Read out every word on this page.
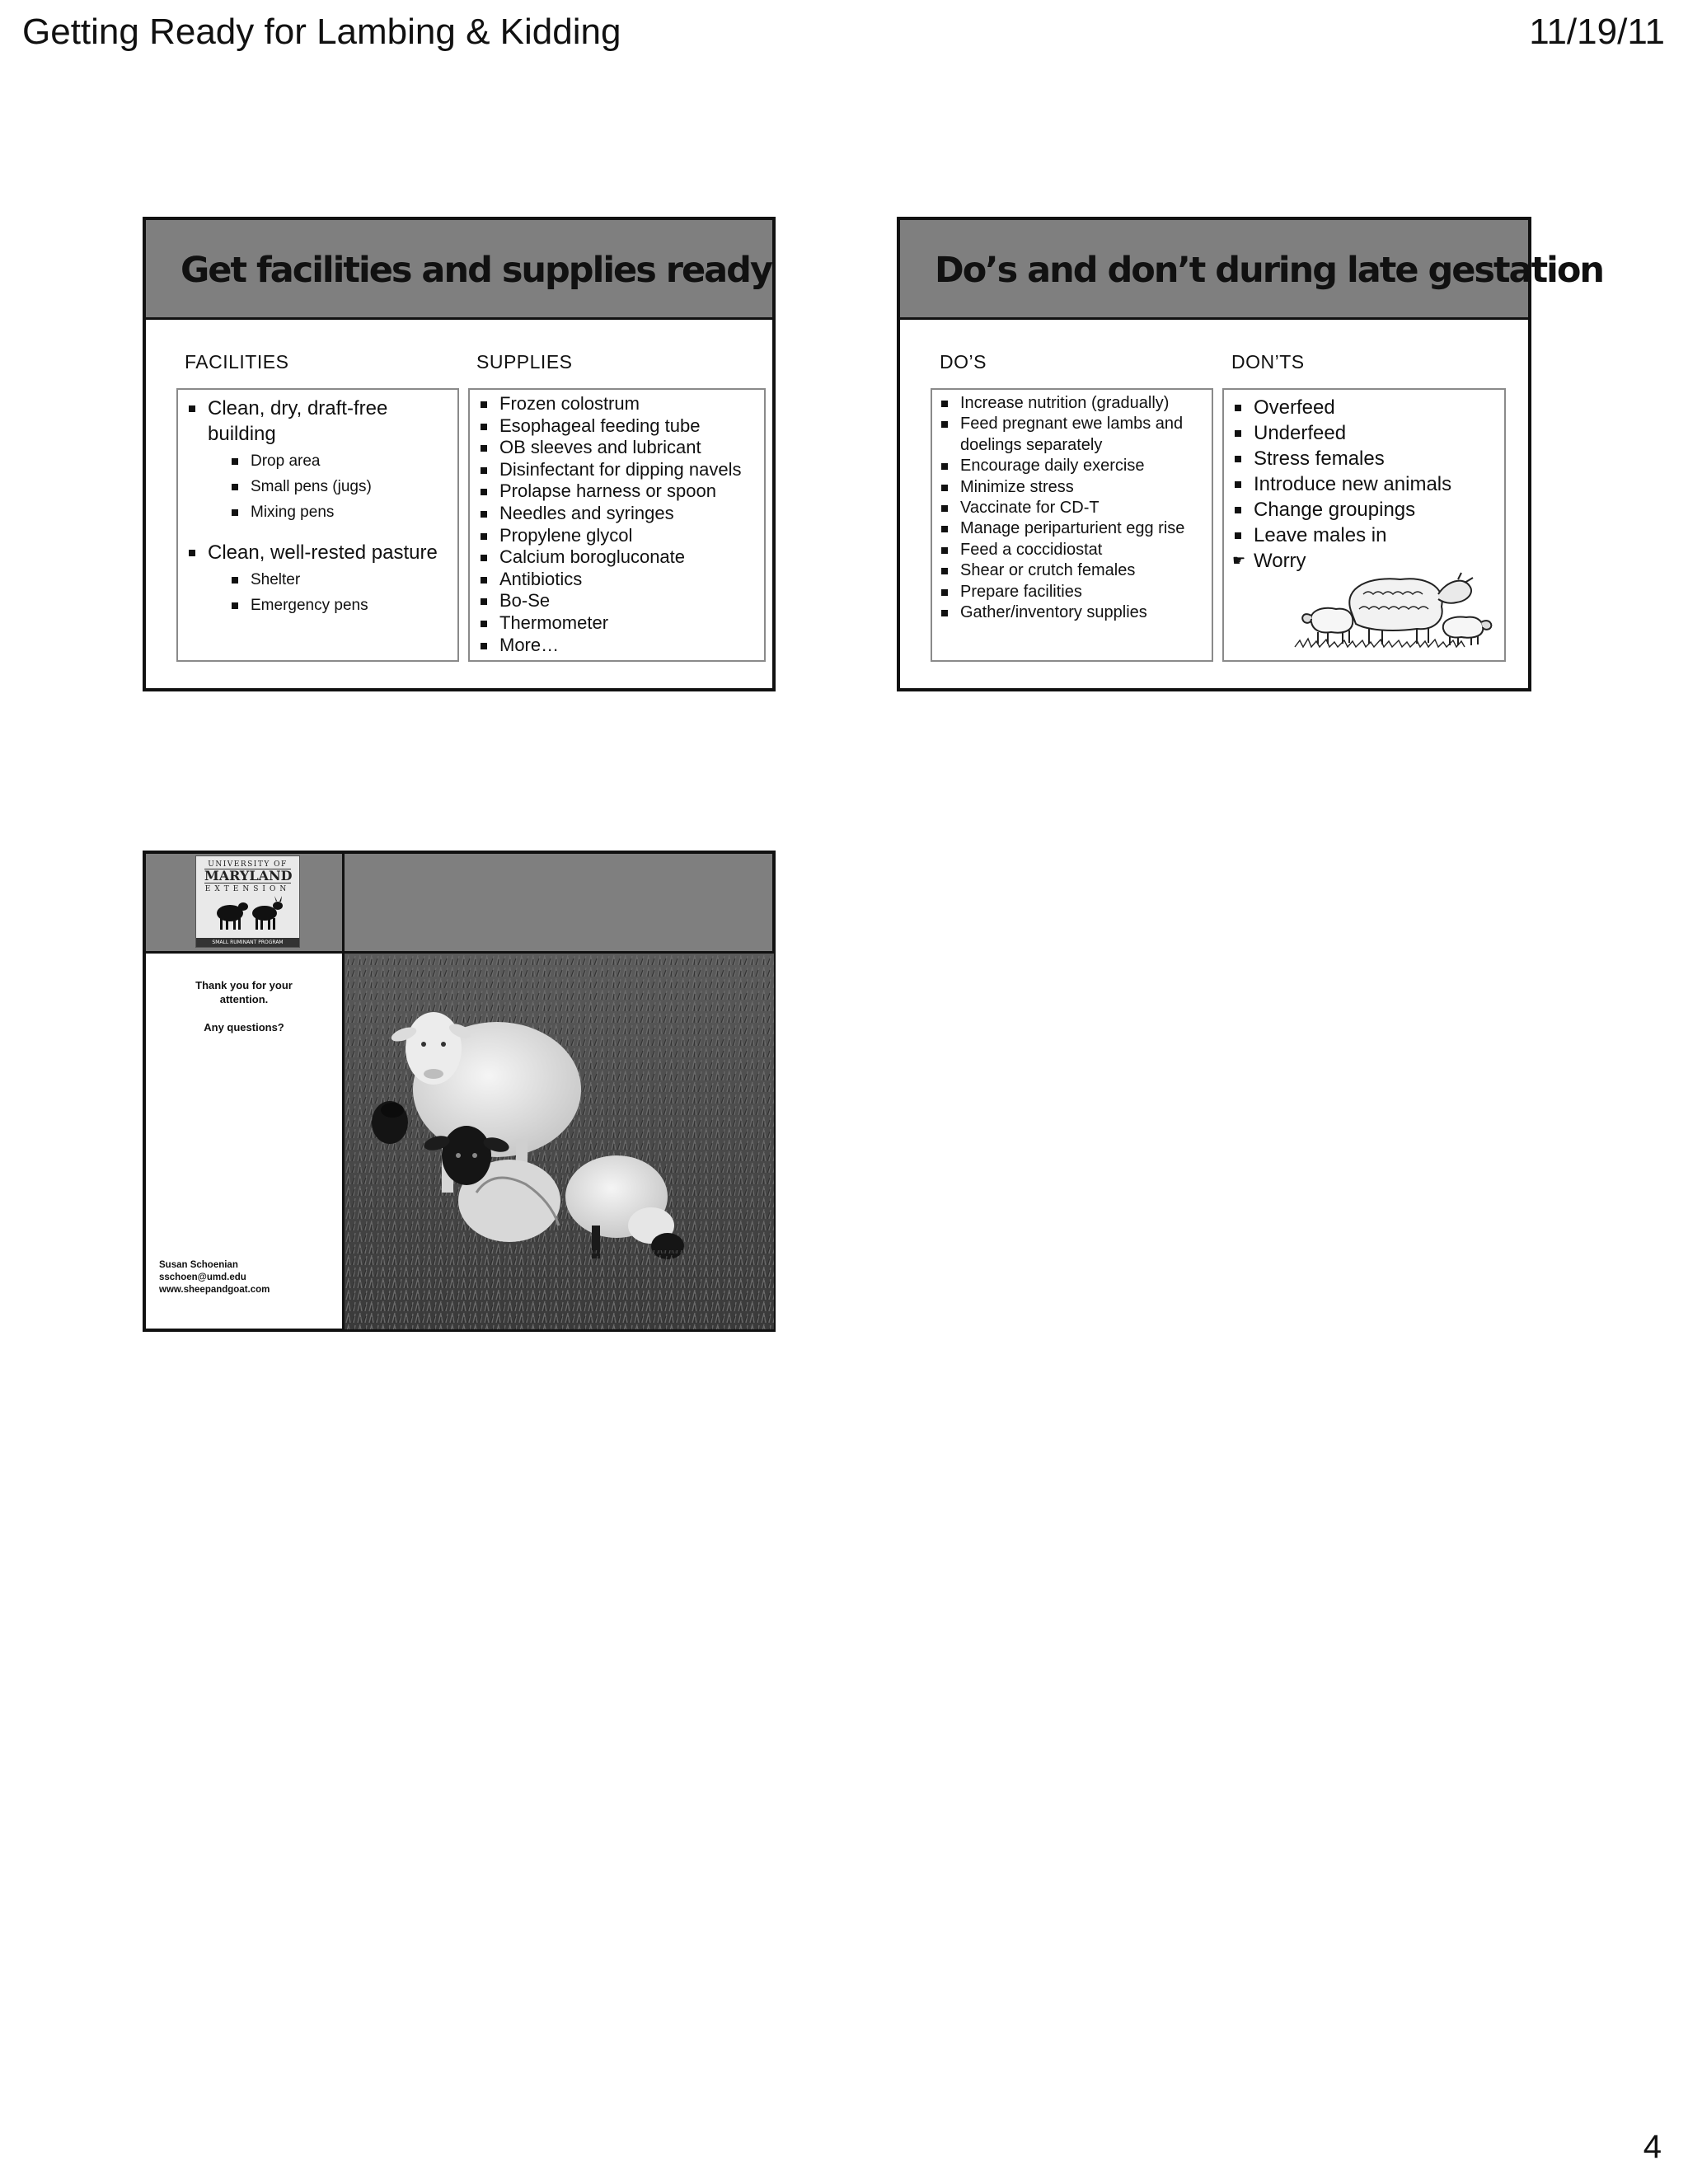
Getting Ready for Lambing & Kidding	11/19/11
Get facilities and supplies ready
FACILITIES	SUPPLIES
Clean, dry, draft-free building
Drop area
Small pens (jugs)
Mixing pens
Clean, well-rested pasture
Shelter
Emergency pens
Frozen colostrum
Esophageal feeding tube
OB sleeves and lubricant
Disinfectant for dipping navels
Prolapse harness or spoon
Needles and syringes
Propylene glycol
Calcium borogluconate
Antibiotics
Bo-Se
Thermometer
More…
Do’s and don’t during late gestation
DO’S	DON’TS
Increase nutrition (gradually)
Feed pregnant ewe lambs and doelings separately
Encourage daily exercise
Minimize stress
Vaccinate for CD-T
Manage periparturient egg rise
Feed a coccidiostat
Shear or crutch females
Prepare facilities
Gather/inventory supplies
Overfeed
Underfeed
Stress females
Introduce new animals
Change groupings
Leave males in
☛ Worry
UNIVERSITY OF
MARYLAND
EXTENSION
SMALL RUMINANT PROGRAM
Thank you for your
attention.
Any questions?
Susan Schoenian
sschoen@umd.edu
www.sheepandgoat.com
4
